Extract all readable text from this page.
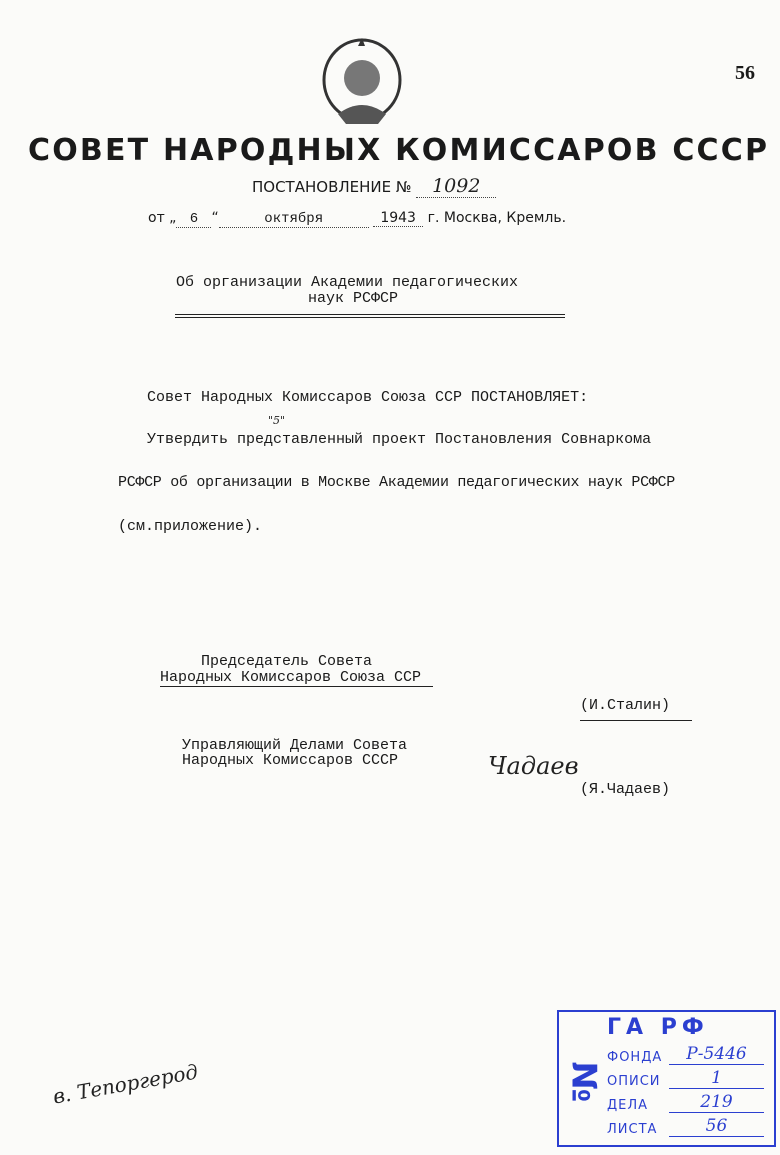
56
СОВЕТ НАРОДНЫХ КОМИССАРОВ СССР
ПОСТАНОВЛЕНИЕ № 1092
от „ 6 “	октября	1943 г. Москва, Кремль.
Об организации Академии педагогических
наук РСФСР
Совет Народных Комиссаров Союза ССР ПОСТАНОВЛЯЕТ:
"5"
Утвердить представленный проект Постановления Совнаркома
РСФСР об организации в Москве Академии педагогических наук РСФСР
(см.приложение).
Председатель Совета
Народных Комиссаров Союза ССР
(И.Сталин)
Управляющий Делами Совета
Народных Комиссаров СССР	Чадаев
(Я.Чадаев)
в. Тепоргерод
ГА РФ
№
ФОНДА	Р-5446
ОПИСИ	1
ДЕЛА	219
ЛИСТА	56
